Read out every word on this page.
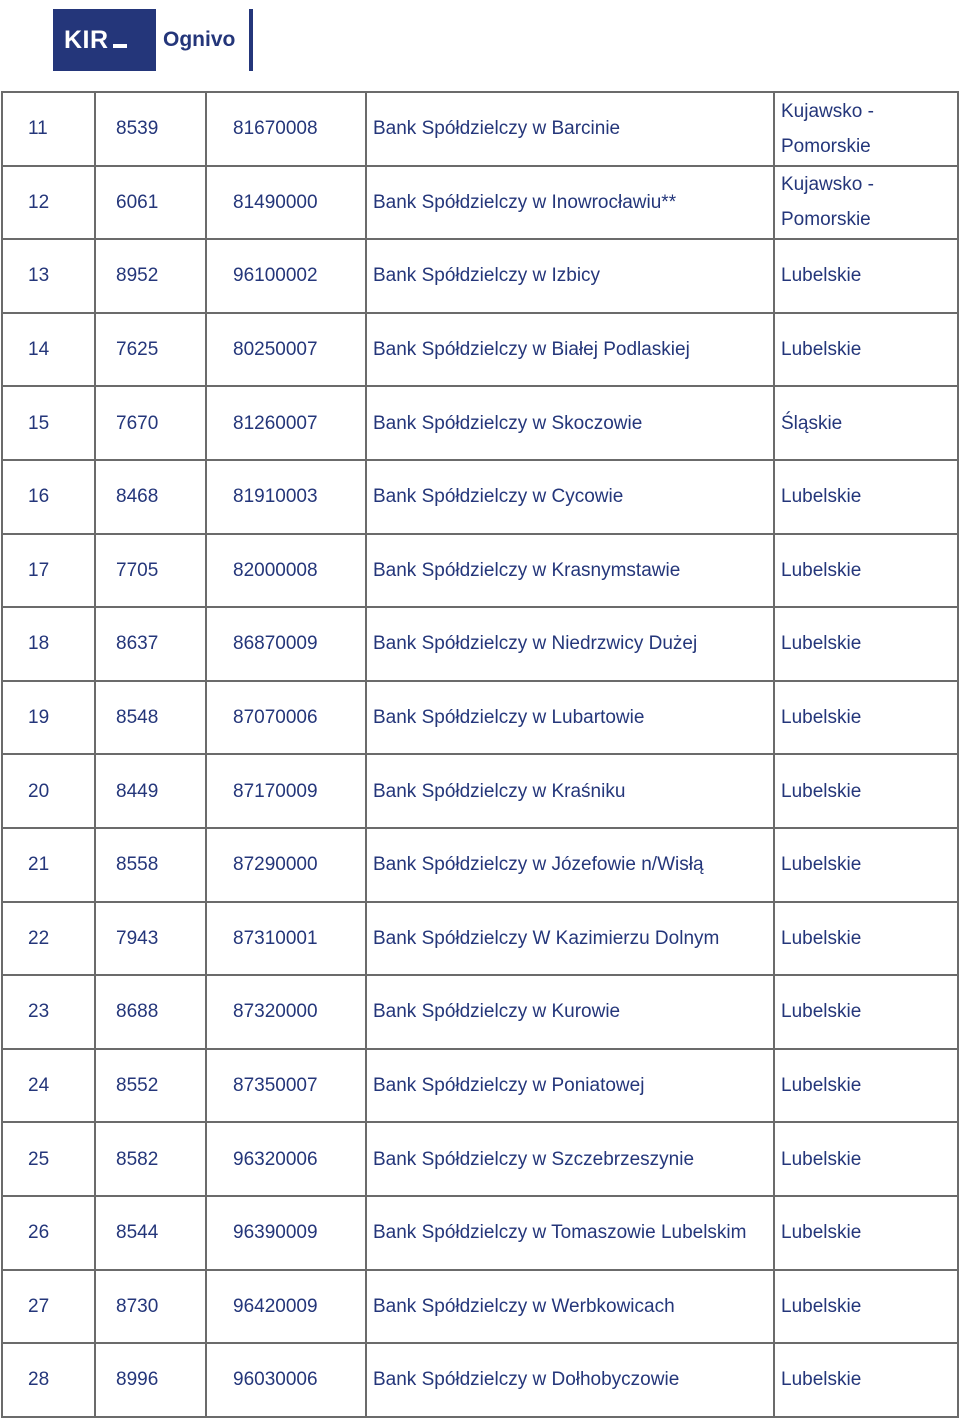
KIR	Ognivo
11	8539	81670008	Bank Spółdzielczy w Barcinie	Kujawsko - Pomorskie
12	6061	81490000	Bank Spółdzielczy w Inowrocławiu**	Kujawsko - Pomorskie
13	8952	96100002	Bank Spółdzielczy w Izbicy	Lubelskie
14	7625	80250007	Bank Spółdzielczy w Białej Podlaskiej	Lubelskie
15	7670	81260007	Bank Spółdzielczy w Skoczowie	Śląskie
16	8468	81910003	Bank Spółdzielczy w Cycowie	Lubelskie
17	7705	82000008	Bank Spółdzielczy w Krasnymstawie	Lubelskie
18	8637	86870009	Bank Spółdzielczy w Niedrzwicy Dużej	Lubelskie
19	8548	87070006	Bank Spółdzielczy w Lubartowie	Lubelskie
20	8449	87170009	Bank Spółdzielczy w Kraśniku	Lubelskie
21	8558	87290000	Bank Spółdzielczy w Józefowie n/Wisłą	Lubelskie
22	7943	87310001	Bank Spółdzielczy W Kazimierzu Dolnym	Lubelskie
23	8688	87320000	Bank Spółdzielczy w Kurowie	Lubelskie
24	8552	87350007	Bank Spółdzielczy w Poniatowej	Lubelskie
25	8582	96320006	Bank Spółdzielczy w Szczebrzeszynie	Lubelskie
26	8544	96390009	Bank Spółdzielczy w Tomaszowie Lubelskim	Lubelskie
27	8730	96420009	Bank Spółdzielczy w Werbkowicach	Lubelskie
28	8996	96030006	Bank Spółdzielczy w Dołhobyczowie	Lubelskie
